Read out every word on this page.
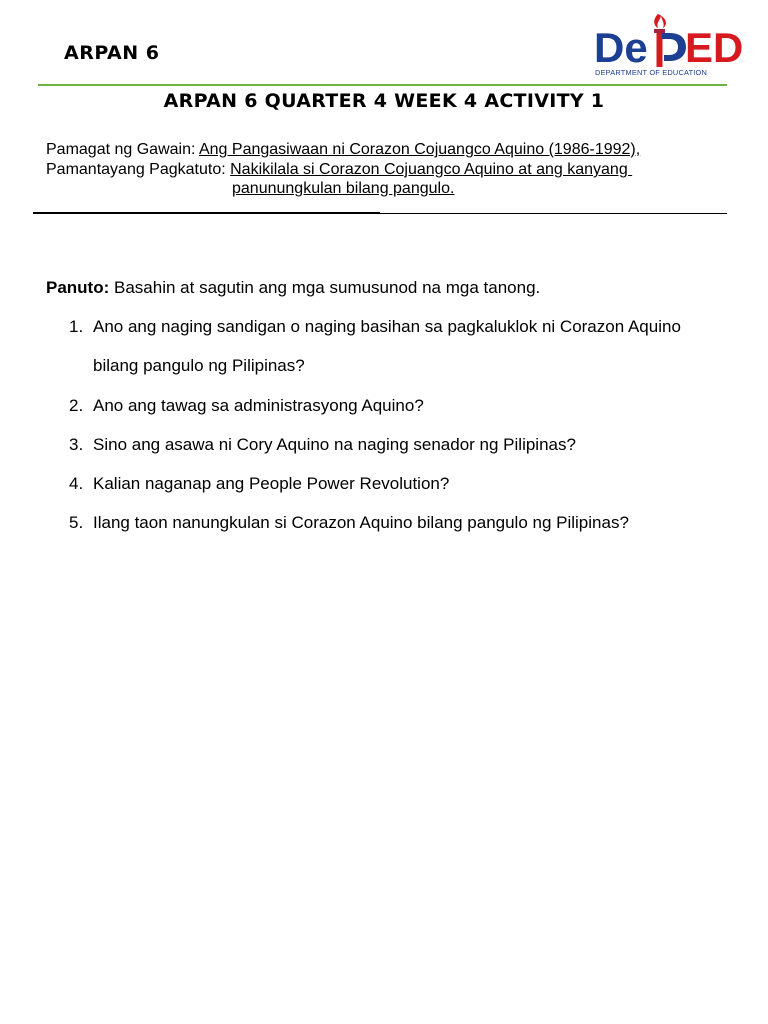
ARPAN 6	De ED
DEPARTMENT OF EDUCATION
ARPAN 6 QUARTER 4 WEEK 4 ACTIVITY 1
Pamagat ng Gawain: Ang Pangasiwaan ni Corazon Cojuangco Aquino (1986-1992),
Pamantayang Pagkatuto: Nakikilala si Corazon Cojuangco Aquino at ang kanyang
panunungkulan bilang pangulo.
Panuto: Basahin at sagutin ang mga sumusunod na mga tanong.
1. Ano ang naging sandigan o naging basihan sa pagkaluklok ni Corazon Aquino
bilang pangulo ng Pilipinas?
2. Ano ang tawag sa administrasyong Aquino?
3. Sino ang asawa ni Cory Aquino na naging senador ng Pilipinas?
4. Kalian naganap ang People Power Revolution?
5. Ilang taon nanungkulan si Corazon Aquino bilang pangulo ng Pilipinas?
